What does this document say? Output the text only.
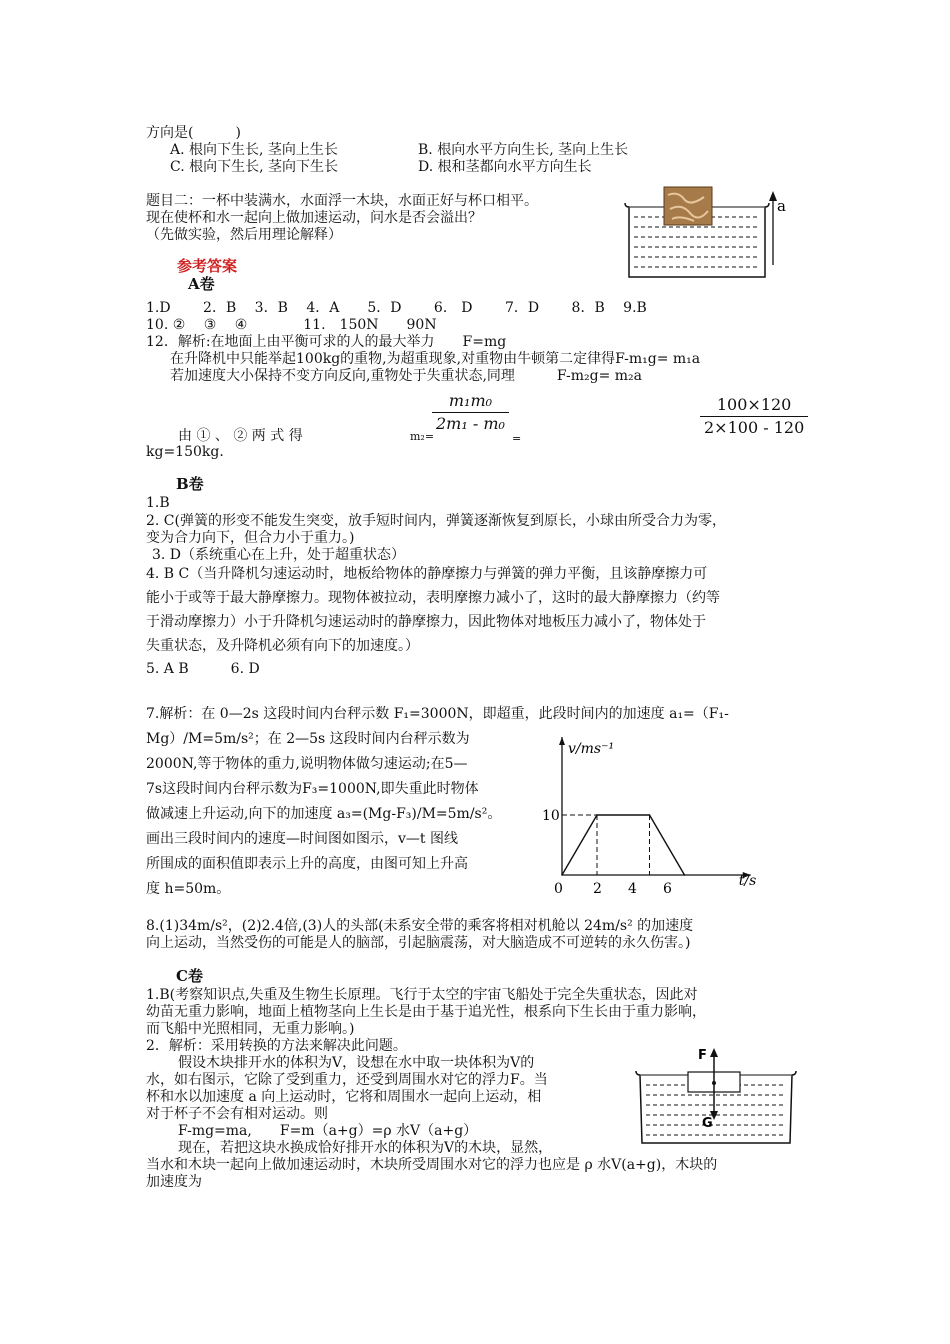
方向是(　　　)
A. 根向下生长, 茎向上生长	B. 根向水平方向生长, 茎向上生长
C. 根向下生长, 茎向下生长	D. 根和茎都向水平方向生长
题目二：一杯中装满水，水面浮一木块，水面正好与杯口相平。
现在使杯和水一起向上做加速运动，问水是否会溢出？
（先做实验，然后用理论解释）
a
参考答案
A卷
1.D　　 2．B　 3．B　 4．A　　5．D　　 6． D　　 7．D　　 8．B　 9.B
10. ②　 ③　 ④　　　　11.　150N　　90N
12．解析:在地面上由平衡可求的人的最大举力　　F=mg
在升降机中只能举起100kg的重物,为超重现象,对重物由牛顿第二定律得F-m₁g= m₁a
若加速度大小保持不变方向反向,重物处于失重状态,同理　　　F-m₂g= m₂a
由 ① 、 ② 两 式 得	m₂=
$\frac{\text{m₁m₀}}{\text{2m₁ - m₀}}$
=	$\frac{100\times 120}{2\times 100 - 120}$
kg=150kg.
B卷
1.B
2. C(弹簧的形变不能发生突变，放手短时间内，弹簧逐渐恢复到原长，小球由所受合力为零，
变为合力向下，但合力小于重力。)
3. D（系统重心在上升，处于超重状态）
4. B C（当升降机匀速运动时，地板给物体的静摩擦力与弹簧的弹力平衡，且该静摩擦力可
能小于或等于最大静摩擦力。现物体被拉动，表明摩擦力减小了，这时的最大静摩擦力（约等
于滑动摩擦力）小于升降机匀速运动时的静摩擦力，因此物体对地板压力减小了，物体处于
失重状态，及升降机必须有向下的加速度。）
5. A B　　　6. D
7.解析：在 0—2s 这段时间内台秤示数 F₁=3000N，即超重，此段时间内的加速度 a₁=（F₁-
Mg）/M=5m/s²；在 2—5s 这段时间内台秤示数为
2000N,等于物体的重力,说明物体做匀速运动;在5—
7s这段时间内台秤示数为F₃=1000N,即失重此时物体
做减速上升运动,向下的加速度 a₃=(Mg-F₃)/M=5m/s²。
画出三段时间内的速度—时间图如图示，v—t 图线
所围成的面积值即表示上升的高度，由图可知上升高
度 h=50m。
v/ms⁻¹
t/s
10
0 2 4 6
8.(1)34m/s²，(2)2.4倍,(3)人的头部(未系安全带的乘客将相对机舱以 24m/s² 的加速度
向上运动，当然受伤的可能是人的脑部，引起脑震荡，对大脑造成不可逆转的永久伤害。)
C卷
1.B(考察知识点,失重及生物生长原理。飞行于太空的宇宙飞船处于完全失重状态，因此对
幼苗无重力影响，地面上植物茎向上生长是由于基于追光性，根系向下生长由于重力影响，
而飞船中光照相同，无重力影响。)
2．解析：采用转换的方法来解决此问题。
假设木块排开水的体积为V，设想在水中取一块体积为V的
水，如右图示，它除了受到重力，还受到周围水对它的浮力F。当
杯和水以加速度 a 向上运动时，它将和周围水一起向上运动，相
对于杯子不会有相对运动。则
F-mg=ma,　　F=m（a+g）=ρ 水V（a+g）
现在，若把这块水换成恰好排开水的体积为V的木块，显然，
当水和木块一起向上做加速运动时，木块所受周围水对它的浮力也应是 ρ 水V(a+g)，木块的
加速度为
F
G
